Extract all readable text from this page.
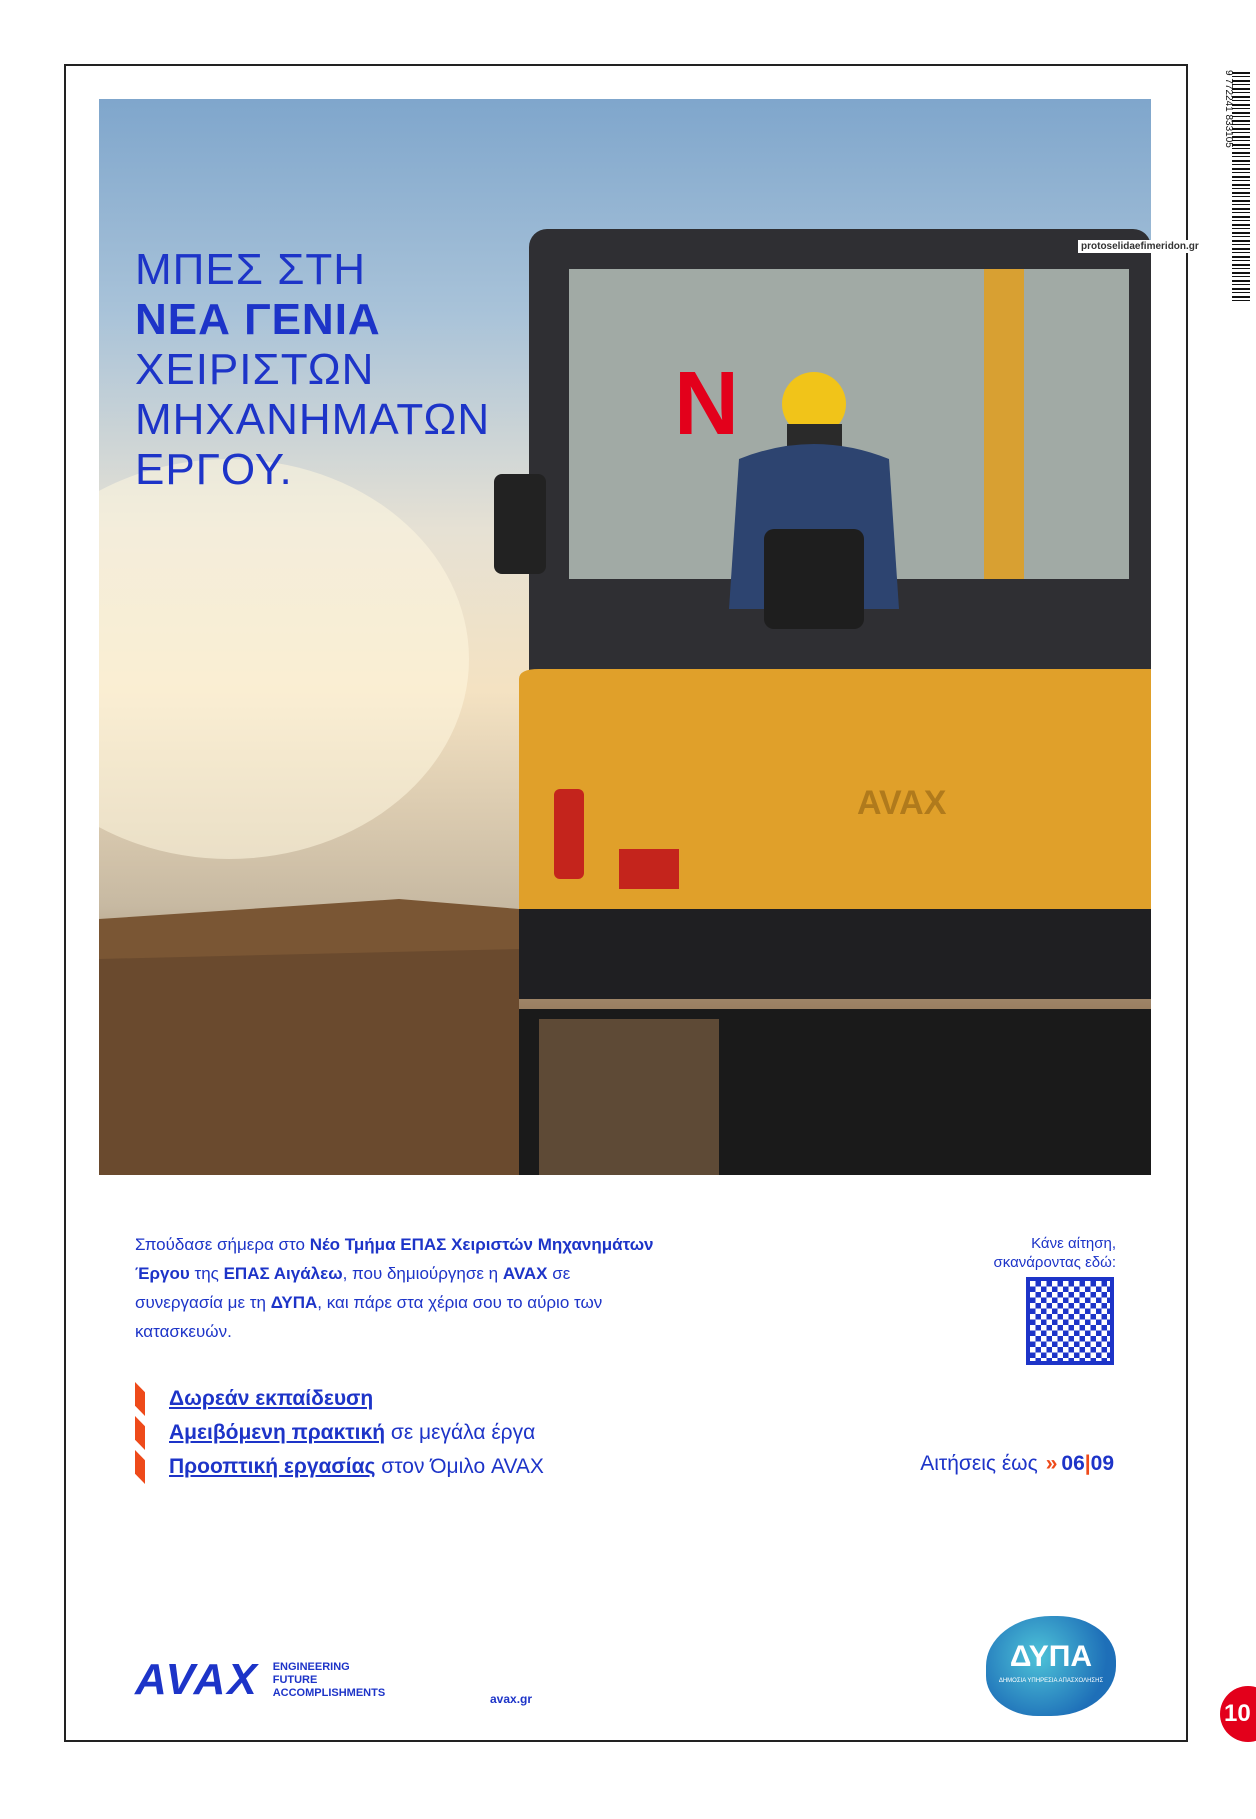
AVAX
N
ΜΠΕΣ ΣΤΗ
ΝΕΑ ΓΕΝΙΑ
ΧΕΙΡΙΣΤΩΝ
ΜΗΧΑΝΗΜΑΤΩΝ
ΕΡΓΟΥ.
Σπούδασε σήμερα στο Νέο Τμήμα ΕΠΑΣ Χειριστών Μηχανημάτων Έργου της ΕΠΑΣ Αιγάλεω, που δημιούργησε η AVAX σε συνεργασία με τη ΔΥΠΑ, και πάρε στα χέρια σου το αύριο των κατασκευών.
Δωρεάν εκπαίδευση
Αμειβόμενη πρακτική σε μεγάλα έργα
Προοπτική εργασίας στον Όμιλο AVAX
Κάνε αίτηση,
σκανάροντας εδώ:
Αιτήσεις έως » 06|09
AVAX ENGINEERING
FUTURE
ACCOMPLISHMENTS	avax.gr
ΔΥΠΑ
ΔΗΜΟΣΙΑ ΥΠΗΡΕΣΙΑ ΑΠΑΣΧΟΛΗΣΗΣ
9 772241 833105
protoselidaefimeridon.gr
10
